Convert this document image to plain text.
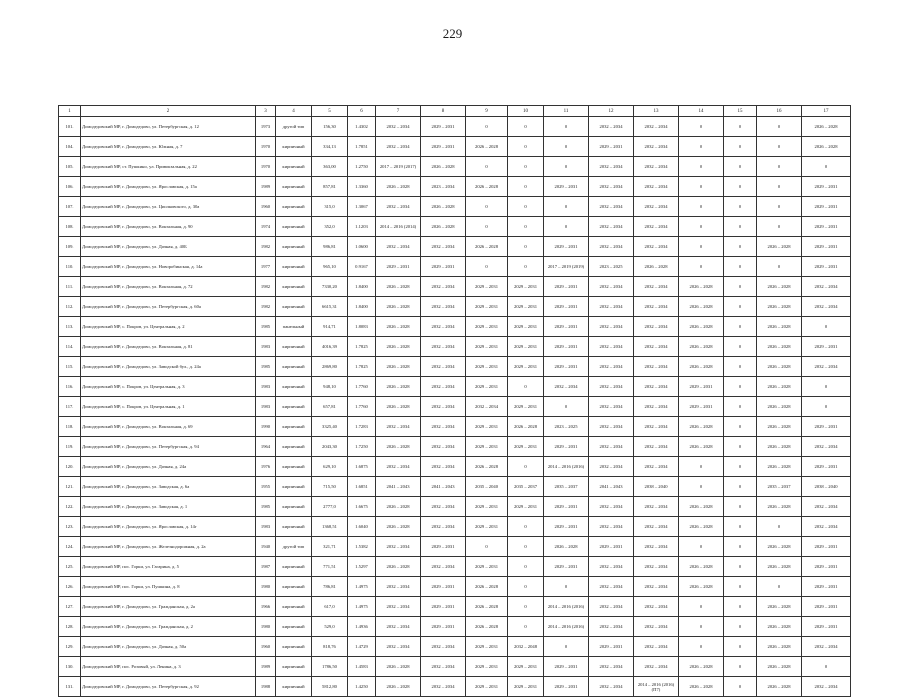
229
1	2	3	4	5	6	7	8	9	10	11	12	13	14	15	16	17
101.	Домодедовский МР, г. Домодедово, ул. Петербургская, д. 12	1973	другой тип	156,30	1.4302	2032 – 2034	2029 – 2031	0	0	0	2032 – 2034	2032 – 2034	0	0	0	2026 – 2028
104.	Домодедовский МР, г. Домодедово, ул. Южная, д. 7	1970	кирпичный	334,13	1.7851	2032 – 2034	2029 – 2031	2026 – 2028	0	0	2029 – 2031	2032 – 2034	0	0	0	2026 – 2028
105.	Домодедовский МР, ст. Пушкино, ул. Привокзальная, д. 22	1970	кирпичный	363,00	1.2750	2017 – 2019 (2017)	2026 – 2028	0	0	0	2032 – 2034	2032 – 2034	0	0	0	0
106.	Домодедовский МР, г. Домодедово, ул. Ярославская, д. 15а	1989	кирпичный	857,81	1.3360	2026 – 2028	2023 – 2034	2026 – 2028	0	2029 – 2031	2032 – 2034	2032 – 2034	0	0	0	2029 – 2031
107.	Домодедовский МР, г. Домодедово, ул. Циолковского, д. 30а	1960	кирпичный	315,0	1.3067	2032 – 2034	2026 – 2028	0	0	0	2032 – 2034	2032 – 2034	0	0	0	2029 – 2031
108.	Домодедовский МР, г. Домодедово, ул. Вокзальная, д. 90	1974	кирпичный	352,0	1.1203	2014 – 2016 (2014)	2026 – 2028	0	0	0	2032 – 2034	2032 – 2034	0	0	0	2029 – 2031
109.	Домодедовский МР, г. Домодедово, ул. Дачная, д. 40Б	1982	кирпичный	986,81	1.0600	2032 – 2034	2032 – 2034	2026 – 2028	0	2029 – 2031	2032 – 2034	2032 – 2034	0	0	2026 – 2028	2029 – 2031
110.	Домодедовский МР, г. Домодедово, ул. Новоробинская, д. 14а	1977	кирпичный	965,10	0.9167	2029 – 2031	2029 – 2031	0	0	2017 – 2019 (2019)	2023 – 2025	2026 – 2028	0	0	0	2029 – 2031
111.	Домодедовский МР, г. Домодедово, ул. Вокзальная, д. 72	1982	кирпичный	7330,20	1.8400	2026 – 2028	2032 – 2034	2029 – 2031	2029 – 2031	2029 – 2031	2032 – 2034	2032 – 2034	2026 – 2028	0	2026 – 2028	2032 – 2034
112.	Домодедовский МР, г. Домодедово, ул. Петербургская, д. 60а	1982	кирпичный	6615,31	1.8400	2026 – 2028	2032 – 2034	2029 – 2031	2029 – 2031	2029 – 2031	2032 – 2034	2032 – 2034	2026 – 2028	0	2026 – 2028	2032 – 2034
113.	Домодедовский МР, с. Покров, ул. Центральная, д. 2	1985	панельный	914,71	1.8083	2026 – 2028	2032 – 2034	2029 – 2031	2029 – 2031	2029 – 2031	2032 – 2034	2032 – 2034	2026 – 2028	0	2026 – 2028	0
114.	Домодедовский МР, г. Домодедово, ул. Вокзальная, д. 81	1983	кирпичный	4016,39	1.7825	2026 – 2028	2032 – 2034	2029 – 2031	2029 – 2031	2029 – 2031	2032 – 2034	2032 – 2034	2026 – 2028	0	2026 – 2028	2029 – 2031
115.	Домодедовский МР, г. Домодедово, ул. Заводской бул., д. 24а	1985	кирпичный	2869,80	1.7825	2026 – 2028	2032 – 2034	2029 – 2031	2029 – 2031	2029 – 2031	2032 – 2034	2032 – 2034	2026 – 2028	0	2026 – 2028	2032 – 2034
116.	Домодедовский МР, с. Покров, ул. Центральная, д. 3	1983	кирпичный	948,10	1.7760	2026 – 2028	2032 – 2034	2029 – 2031	0	2032 – 2034	2032 – 2034	2032 – 2034	2029 – 2031	0	2026 – 2028	0
117.	Домодедовский МР, с. Покров, ул. Центральная, д. 1	1983	кирпичный	657,81	1.7760	2026 – 2028	2032 – 2034	2032 – 2034	2029 – 2031	0	2032 – 2034	2032 – 2034	2029 – 2031	0	2026 – 2028	0
118.	Домодедовский МР, г. Домодедово, ул. Вокзальная, д. 69	1990	кирпичный	3325,40	1.7283	2032 – 2034	2032 – 2034	2029 – 2031	2026 – 2028	2023 – 2025	2032 – 2034	2032 – 2034	2026 – 2028	0	2026 – 2028	2029 – 2031
119.	Домодедовский МР, г. Домодедово, ул. Петербургская, д. 94	1964	кирпичный	2043,30	1.7250	2026 – 2028	2032 – 2034	2029 – 2031	2029 – 2031	2029 – 2031	2032 – 2034	2032 – 2034	2026 – 2028	0	2026 – 2028	2032 – 2034
120.	Домодедовский МР, г. Домодедово, ул. Дачная, д. 24а	1976	кирпичный	629,10	1.6875	2032 – 2034	2032 – 2034	2026 – 2028	0	2014 – 2016 (2016)	2032 – 2034	2032 – 2034	0	0	2026 – 2028	2029 – 2031
121.	Домодедовский МР, г. Домодедово, ул. Заводская, д. 6а	1955	кирпичный	715,50	1.6851	2041 – 2043	2041 – 2043	2035 – 2040	2035 – 2037	2035 – 2037	2041 – 2043	2038 – 2040	0	0	2035 – 2037	2038 – 2040
122.	Домодедовский МР, г. Домодедово, ул. Заводская, д. 1	1985	кирпичный	2777,0	1.6675	2026 – 2028	2032 – 2034	2029 – 2031	2029 – 2031	2029 – 2031	2032 – 2034	2032 – 2034	2026 – 2028	0	2026 – 2028	2032 – 2034
123.	Домодедовский МР, г. Домодедово, ул. Ярославская, д. 14г	1983	кирпичный	1368,51	1.6040	2026 – 2028	2032 – 2034	2029 – 2031	0	2029 – 2031	2032 – 2034	2032 – 2034	2026 – 2028	0	0	2032 – 2034
124.	Домодедовский МР, г. Домодедово, ул. Железнодорожная, д. 2а	1940	другой тип	321,71	1.5382	2032 – 2034	2029 – 2031	0	0	2026 – 2028	2029 – 2031	2032 – 2034	0	0	2026 – 2028	2029 – 2031
125.	Домодедовский МР, пос. Горки, ул. Гагарина, д. 5	1987	кирпичный	771,51	1.5297	2026 – 2028	2032 – 2034	2029 – 2031	0	2029 – 2031	2032 – 2034	2032 – 2034	2026 – 2028	0	2026 – 2028	2029 – 2031
126.	Домодедовский МР, пос. Горки, ул. Пушкина, д. 8	1980	кирпичный	786,81	1.4975	2032 – 2034	2029 – 2031	2026 – 2028	0	0	2032 – 2034	2032 – 2034	2026 – 2028	0	0	2029 – 2031
127.	Домодедовский МР, г. Домодедово, ул. Гражданская, д. 2а	1966	кирпичный	617,0	1.4975	2032 – 2034	2029 – 2031	2026 – 2028	0	2014 – 2016 (2016)	2032 – 2034	2032 – 2034	0	0	2026 – 2028	2029 – 2031
128.	Домодедовский МР, г. Домодедово, ул. Гражданская, д. 2	1980	кирпичный	529,0	1.4936	2032 – 2034	2029 – 2031	2026 – 2028	0	2014 – 2016 (2016)	2032 – 2034	2032 – 2034	0	0	2026 – 2028	2029 – 2031
129.	Домодедовский МР, г. Домодедово, ул. Дачная, д. 50а	1960	кирпичный	818,76	1.4729	2032 – 2034	2032 – 2034	2029 – 2031	2032 – 2048	0	2029 – 2031	2032 – 2034	0	0	2026 – 2028	2032 – 2034
130.	Домодедовский МР, пос. Розовый, ул. Ленина, д. 3	1989	кирпичный	1786,50	1.4583	2026 – 2028	2032 – 2034	2029 – 2031	2029 – 2031	2029 – 2031	2032 – 2034	2032 – 2034	2026 – 2028	0	2026 – 2028	0
131.	Домодедовский МР, г. Домодедово, ул. Петербургская, д. 92	1988	кирпичный	5812,80	1.4250	2026 – 2028	2032 – 2034	2029 – 2031	2029 – 2031	2029 – 2031	2032 – 2034	2014 – 2016 (2016) (П7)	2026 – 2028	0	2026 – 2028	2032 – 2034
